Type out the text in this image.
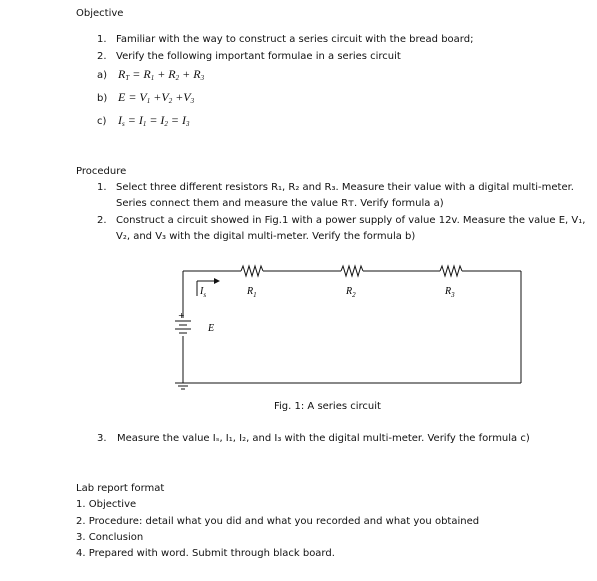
Objective
1. Familiar with the way to construct a series circuit with the bread board;
2. Verify the following important formulae in a series circuit
a) $R_T = R_1 + R_2 + R_3$
b) $E = V_1 +V_2 +V_3$
c) $I_s = I_1 = I_2 = I_3$
Procedure
1. Select three different resistors R₁, R₂ and R₃. Measure their value with a digital multi-meter.
Series connect them and measure the value Rᴛ. Verify formula a)
2. Construct a circuit showed in Fig.1 with a power supply of value 12v. Measure the value E, V₁,
V₂, and V₃ with the digital multi-meter. Verify the formula b)
$I_s$
E
+
$R_1$	$R_2$	$R_3$
Fig. 1: A series circuit
3.	Measure the value Iₛ, I₁, I₂, and I₃ with the digital multi-meter. Verify the formula c)
Lab report format
1. Objective
2. Procedure: detail what you did and what you recorded and what you obtained
3. Conclusion
4. Prepared with word. Submit through black board.
